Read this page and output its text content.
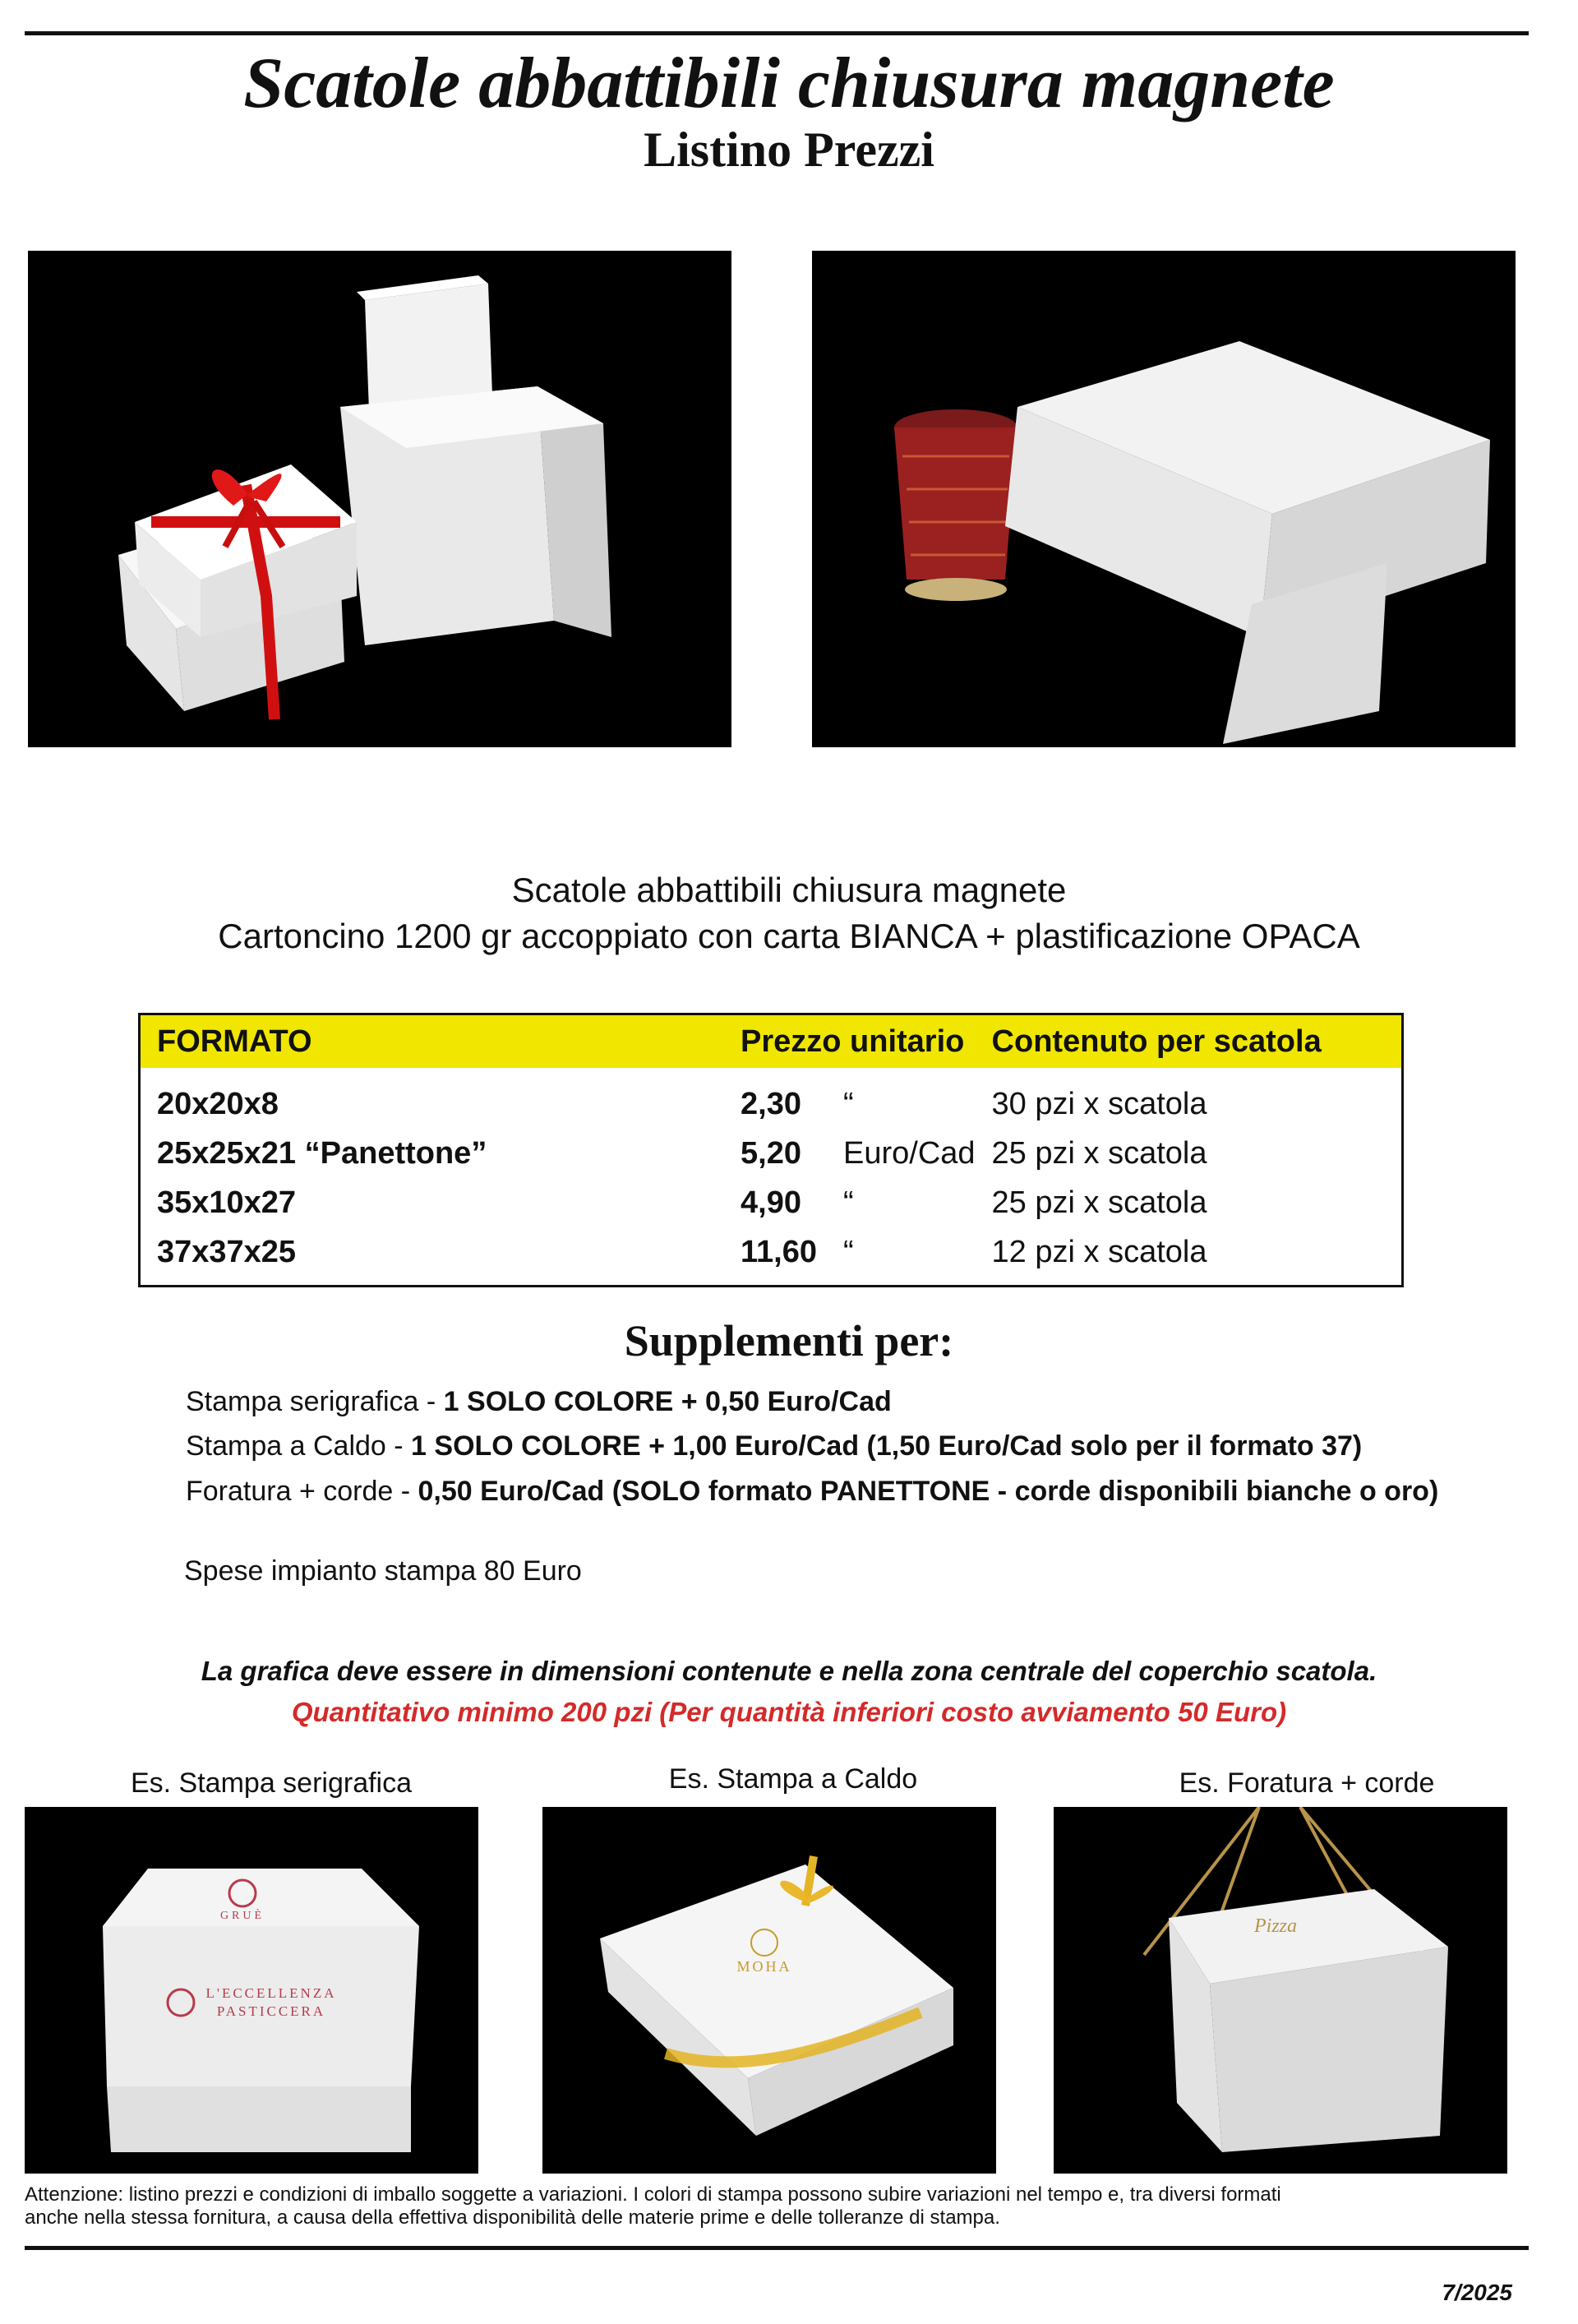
Scatole abbattibili chiusura magnete
Listino Prezzi
Scatole abbattibili chiusura magnete
Cartoncino 1200 gr accoppiato con carta BIANCA + plastificazione OPACA
FORMATO	Prezzo unitario		Contenuto per scatola
20x20x8	2,30	“	30 pzi x scatola
25x25x21 “Panettone”	5,20	Euro/Cad	25 pzi x scatola
35x10x27	4,90	“	25 pzi x scatola
37x37x25	11,60	“	12 pzi x scatola
Supplementi per:
Stampa serigrafica - 1 SOLO COLORE + 0,50 Euro/Cad
Stampa a Caldo - 1 SOLO COLORE + 1,00 Euro/Cad (1,50 Euro/Cad solo per il formato 37)
Foratura + corde - 0,50 Euro/Cad (SOLO formato PANETTONE - corde disponibili bianche o oro)
Spese impianto stampa 80 Euro
La grafica deve essere in dimensioni contenute e nella zona centrale del coperchio scatola.
Quantitativo minimo 200 pzi (Per quantità inferiori costo avviamento 50 Euro)
Es. Stampa serigrafica	Es. Stampa a Caldo	Es. Foratura + corde
GRUÈ
L'ECCELLENZA
PASTICCERA
MOHA
Pizza
Attenzione: listino prezzi e condizioni di imballo soggette a variazioni. I colori di stampa possono subire variazioni nel tempo e, tra diversi formati
anche nella stessa fornitura, a causa della effettiva disponibilità delle materie prime e delle tolleranze di stampa.
7/2025
